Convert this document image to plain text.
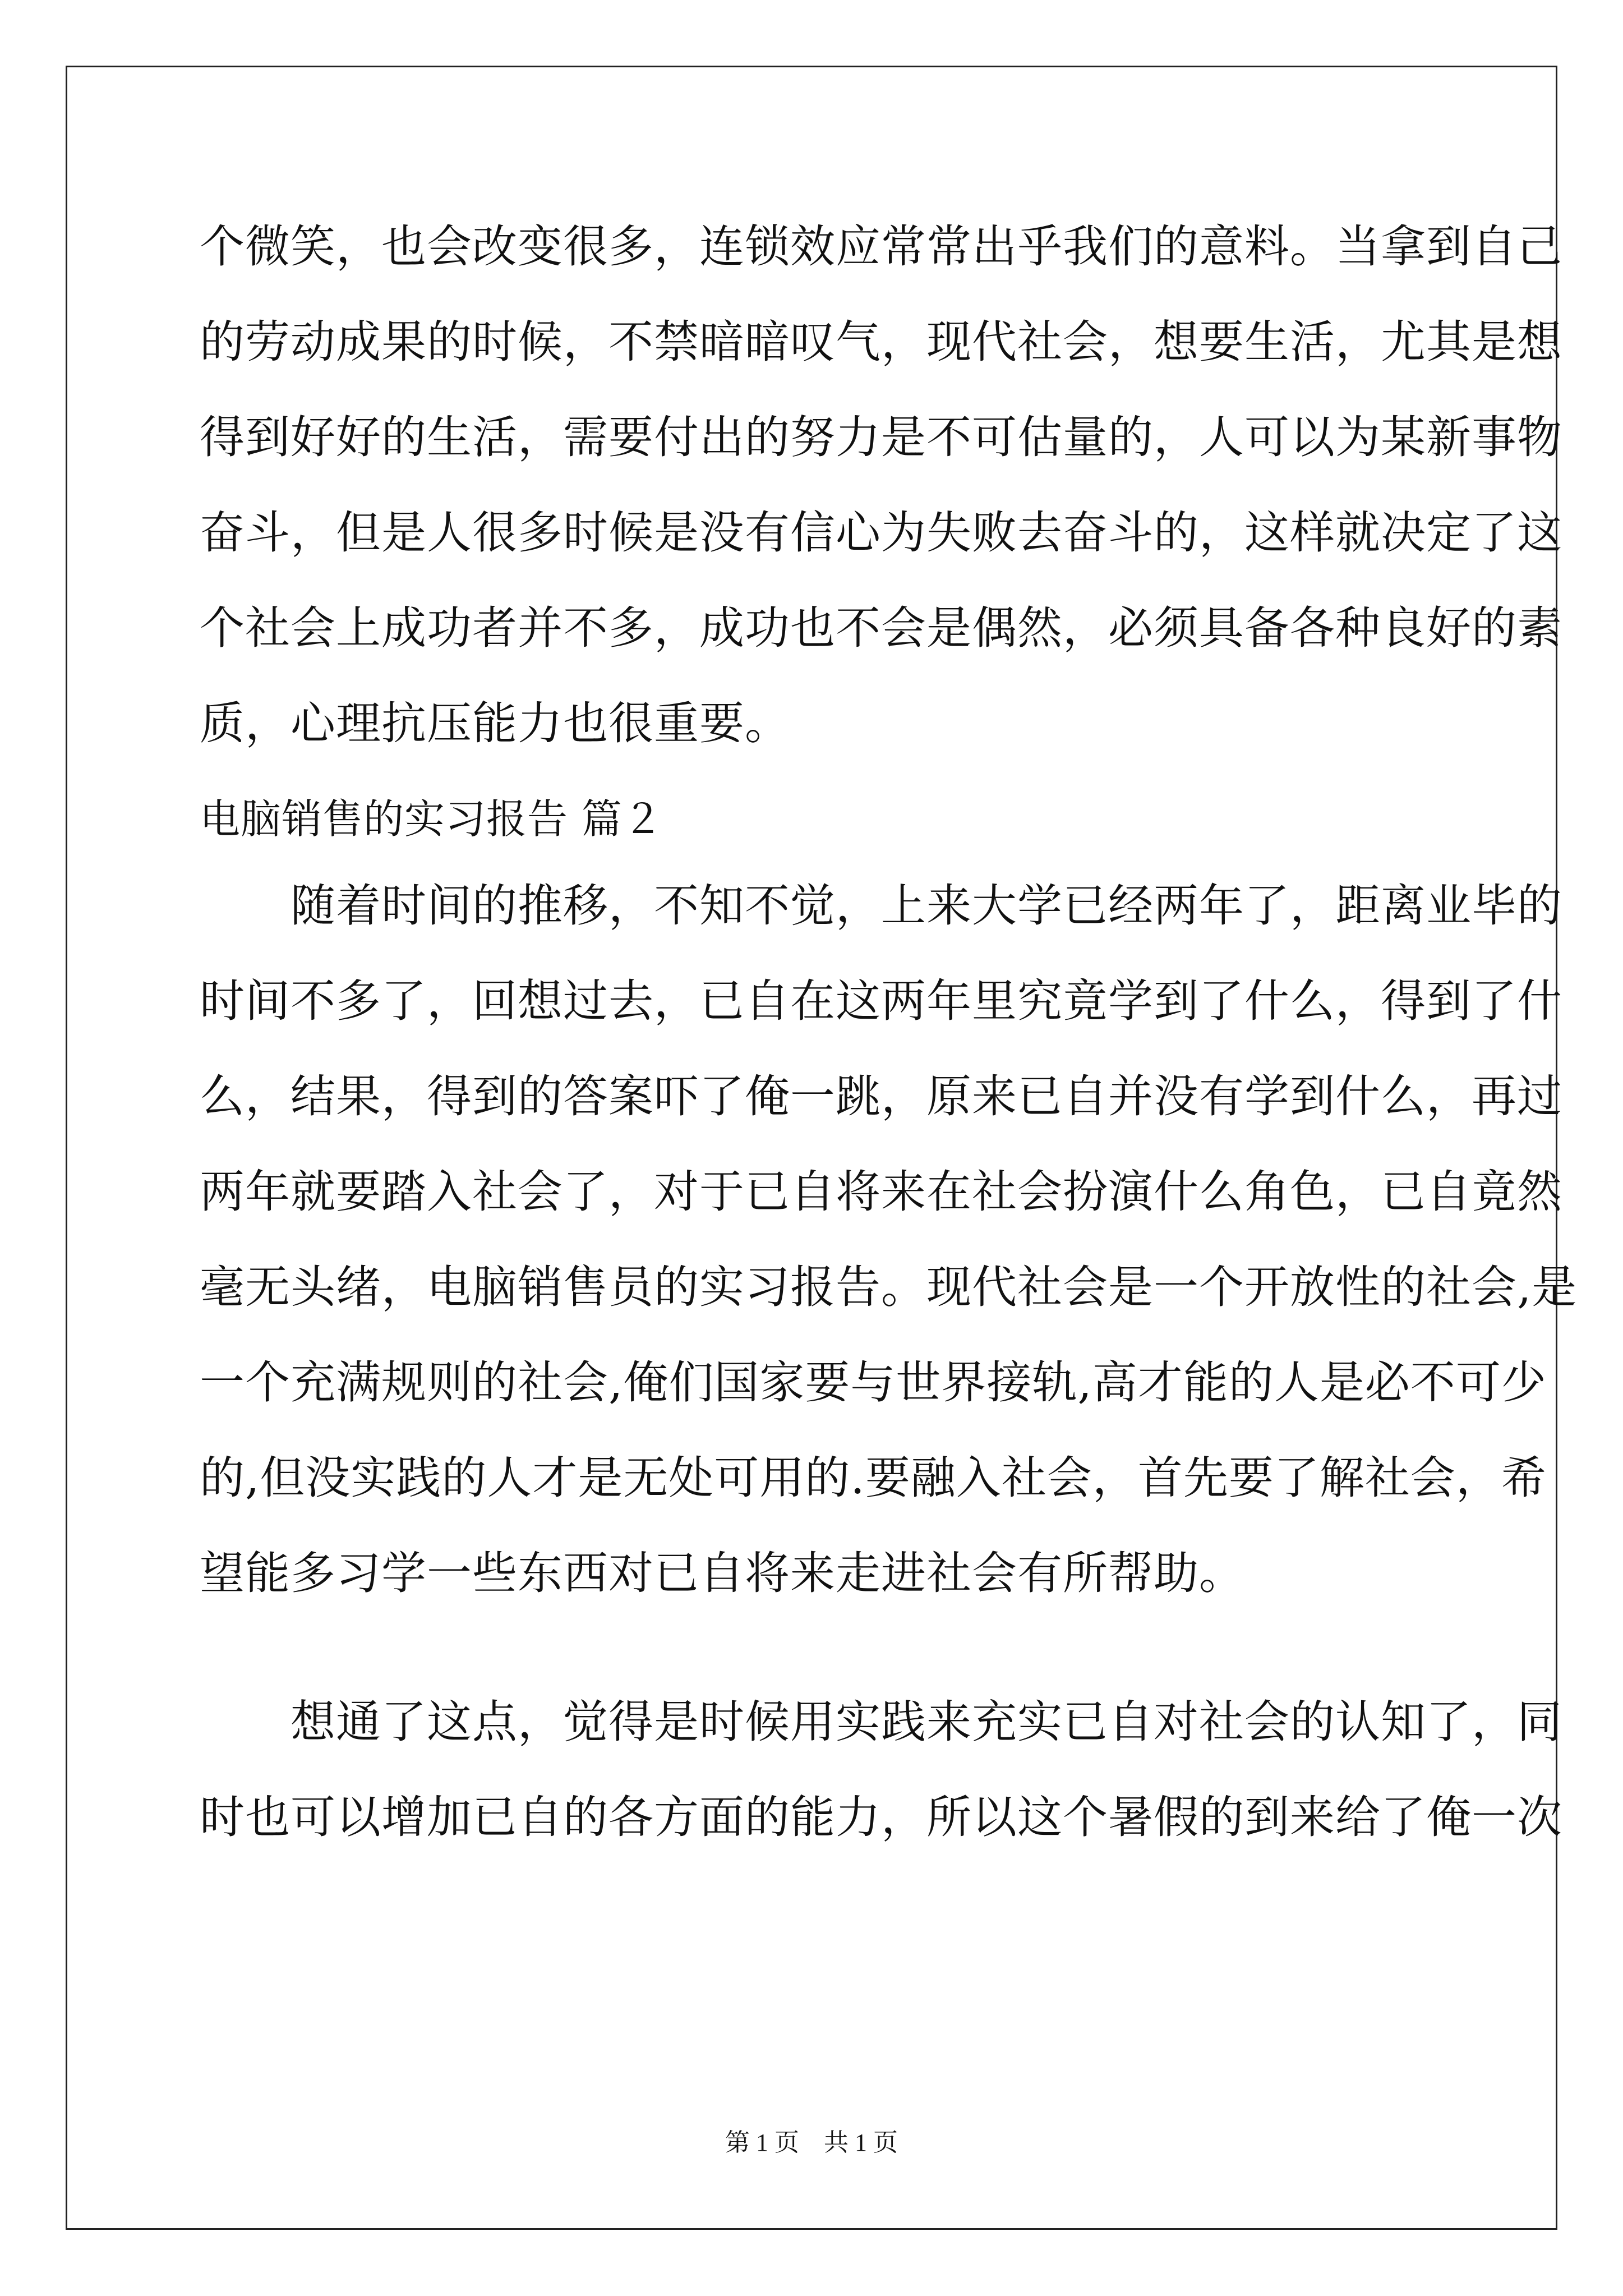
个微笑，也会改变很多，连锁效应常常出乎我们的意料。当拿到自己
的劳动成果的时候，不禁暗暗叹气，现代社会，想要生活，尤其是想
得到好好的生活，需要付出的努力是不可估量的，人可以为某新事物
奋斗，但是人很多时候是没有信心为失败去奋斗的，这样就决定了这
个社会上成功者并不多，成功也不会是偶然，必须具备各种良好的素
质，心理抗压能力也很重要。
电脑销售的实习报告 篇２
　　随着时间的推移，不知不觉，上来大学已经两年了，距离业毕的
时间不多了，回想过去，已自在这两年里究竟学到了什么，得到了什
么，结果，得到的答案吓了俺一跳，原来已自并没有学到什么，再过
两年就要踏入社会了，对于已自将来在社会扮演什么角色，已自竟然
毫无头绪，电脑销售员的实习报告。现代社会是一个开放性的社会,是
一个充满规则的社会,俺们国家要与世界接轨,高才能的人是必不可少
的,但没实践的人才是无处可用的.要融入社会，首先要了解社会，希
望能多习学一些东西对已自将来走进社会有所帮助。
　　想通了这点，觉得是时候用实践来充实已自对社会的认知了，同
时也可以增加已自的各方面的能力，所以这个暑假的到来给了俺一次
第 1 页　共 1 页
